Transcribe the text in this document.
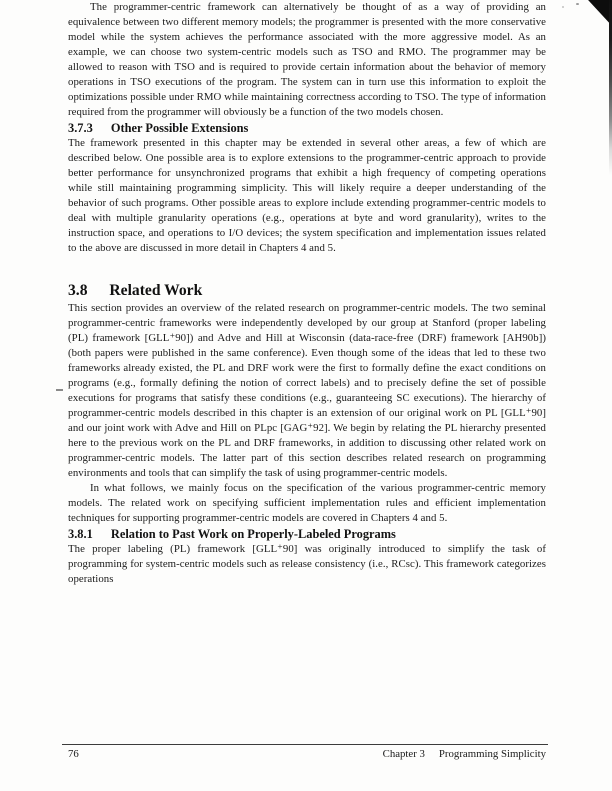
The programmer-centric framework can alternatively be thought of as a way of providing an equivalence between two different memory models; the programmer is presented with the more conservative model while the system achieves the performance associated with the more aggressive model. As an example, we can choose two system-centric models such as TSO and RMO. The programmer may be allowed to reason with TSO and is required to provide certain information about the behavior of memory operations in TSO executions of the program. The system can in turn use this information to exploit the optimizations possible under RMO while maintaining correctness according to TSO. The type of information required from the programmer will obviously be a function of the two models chosen.

3.7.3 Other Possible Extensions

The framework presented in this chapter may be extended in several other areas, a few of which are described below. One possible area is to explore extensions to the programmer-centric approach to provide better performance for unsynchronized programs that exhibit a high frequency of competing operations while still maintaining programming simplicity. This will likely require a deeper understanding of the behavior of such programs. Other possible areas to explore include extending programmer-centric models to deal with multiple granularity operations (e.g., operations at byte and word granularity), writes to the instruction space, and operations to I/O devices; the system specification and implementation issues related to the above are discussed in more detail in Chapters 4 and 5.

3.8 Related Work

This section provides an overview of the related research on programmer-centric models. The two seminal programmer-centric frameworks were independently developed by our group at Stanford (proper labeling (PL) framework [GLL⁺90]) and Adve and Hill at Wisconsin (data-race-free (DRF) framework [AH90b]) (both papers were published in the same conference). Even though some of the ideas that led to these two frameworks already existed, the PL and DRF work were the first to formally define the exact conditions on programs (e.g., formally defining the notion of correct labels) and to precisely define the set of possible executions for programs that satisfy these conditions (e.g., guaranteeing SC executions). The hierarchy of programmer-centric models described in this chapter is an extension of our original work on PL [GLL⁺90] and our joint work with Adve and Hill on PLpc [GAG⁺92]. We begin by relating the PL hierarchy presented here to the previous work on the PL and DRF frameworks, in addition to discussing other related work on programmer-centric models. The latter part of this section describes related research on programming environments and tools that can simplify the task of using programmer-centric models.

In what follows, we mainly focus on the specification of the various programmer-centric memory models. The related work on specifying sufficient implementation rules and efficient implementation techniques for supporting programmer-centric models are covered in Chapters 4 and 5.

3.8.1 Relation to Past Work on Properly-Labeled Programs

The proper labeling (PL) framework [GLL⁺90] was originally introduced to simplify the task of programming for system-centric models such as release consistency (i.e., RCsc). This framework categorizes operations

76	Chapter 3 Programming Simplicity
